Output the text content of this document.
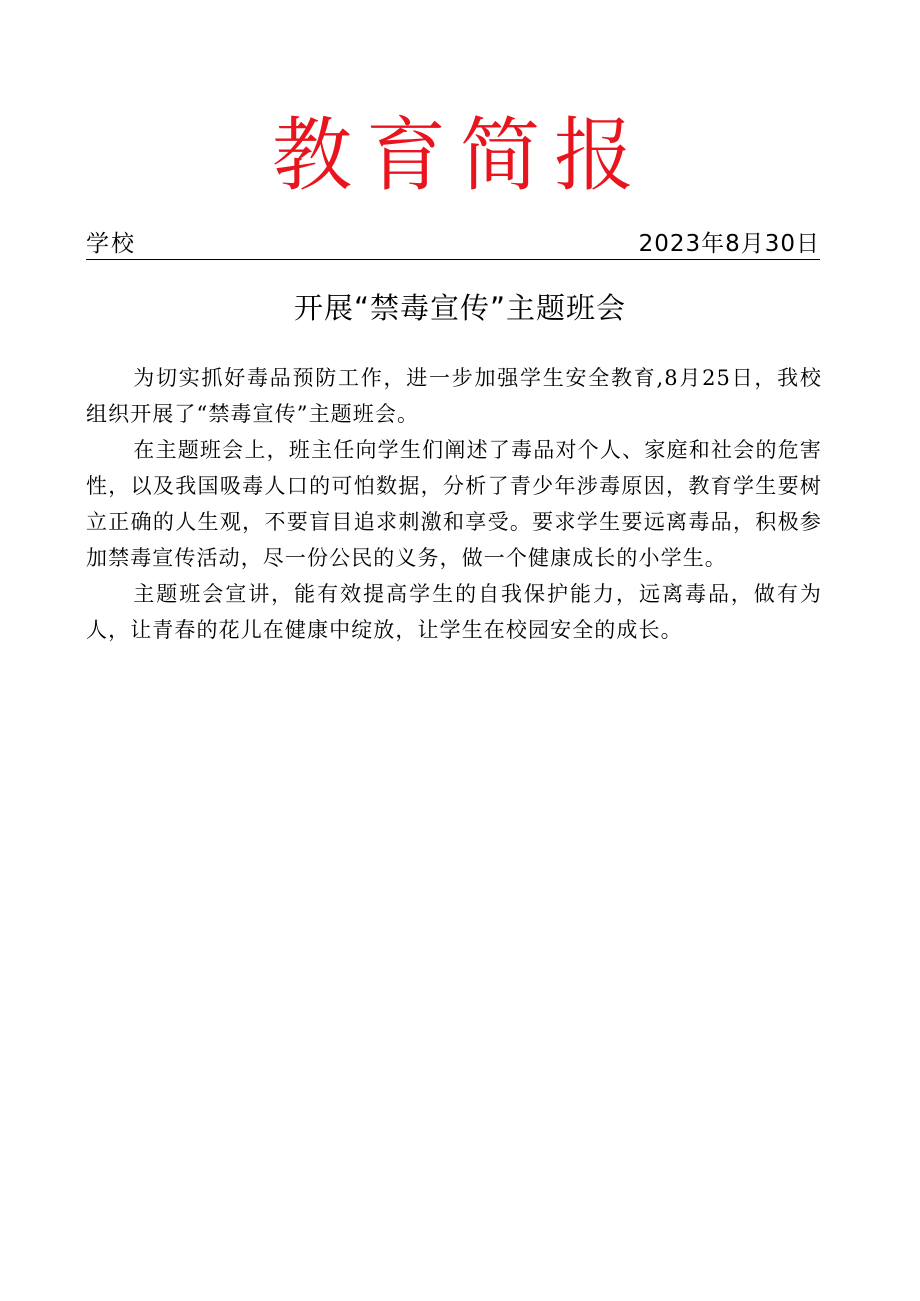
教育简报
学校	2023年8月30日
开展“禁毒宣传”主题班会

为切实抓好毒品预防工作，进一步加强学生安全教育,8月25日，我校组织开展了“禁毒宣传”主题班会。

在主题班会上，班主任向学生们阐述了毒品对个人、家庭和社会的危害性，以及我国吸毒人口的可怕数据，分析了青少年涉毒原因，教育学生要树立正确的人生观，不要盲目追求刺激和享受。要求学生要远离毒品，积极参加禁毒宣传活动，尽一份公民的义务，做一个健康成长的小学生。

主题班会宣讲，能有效提高学生的自我保护能力，远离毒品，做有为人，让青春的花儿在健康中绽放，让学生在校园安全的成长。
